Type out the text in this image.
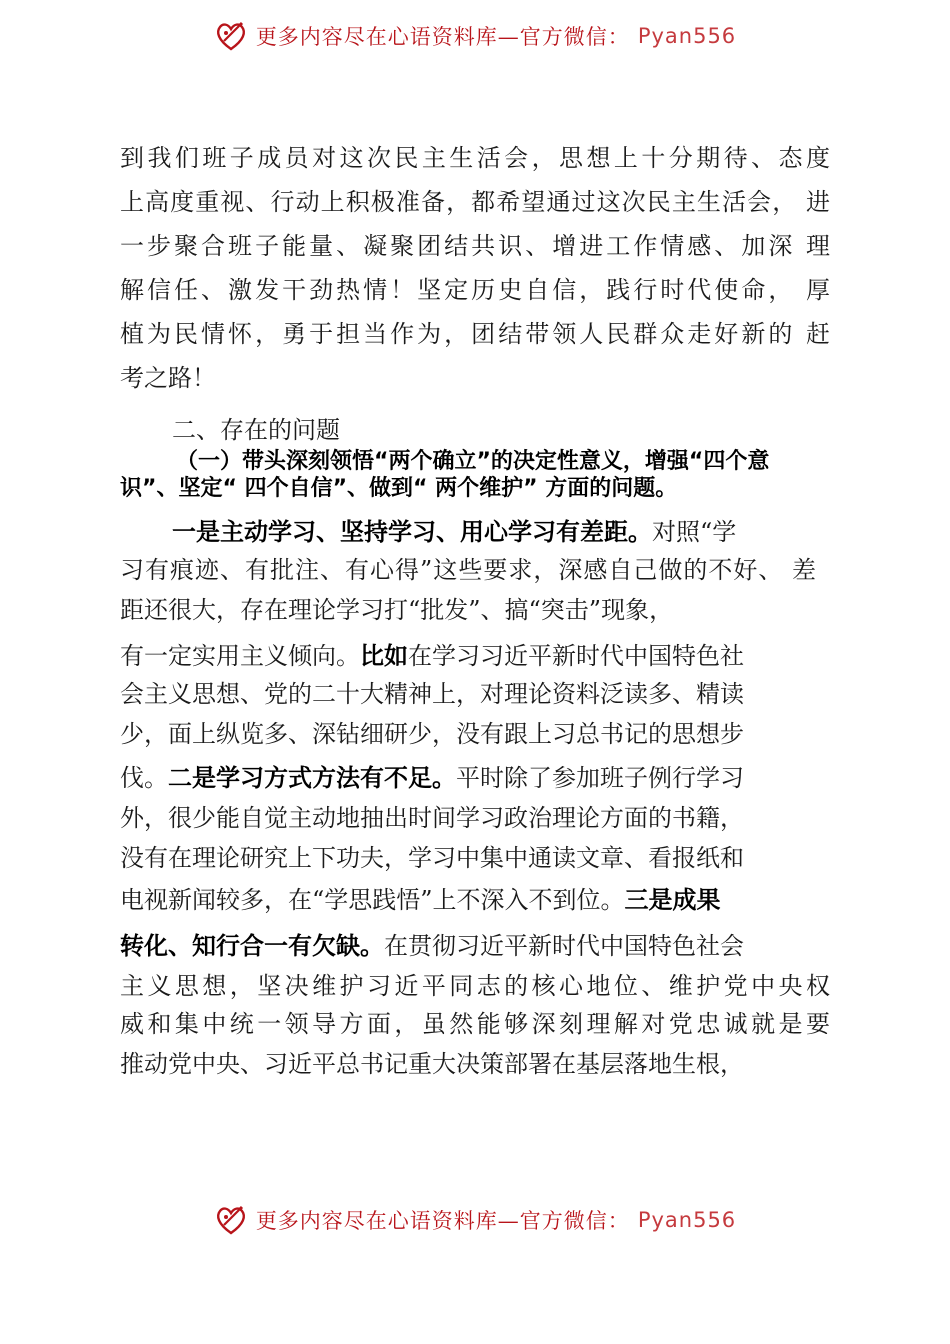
更多内容尽在心语资料库—官方微信： Pyan556
到我们班子成员对这次民主生活会，思想上十分期待、态度
上高度重视、行动上积极准备，都希望通过这次民主生活会， 进
一步聚合班子能量、凝聚团结共识、增进工作情感、加深 理
解信任、激发干劲热情！坚定历史自信，践行时代使命， 厚
植为民情怀，勇于担当作为，团结带领人民群众走好新的 赶
考之路！
二、存在的问题
（一）带头深刻领悟“两个确立”的决定性意义，增强“四个意
识”、坚定“ 四个自信”、做到“ 两个维护” 方面的问题。
一是主动学习、坚持学习、用心学习有差距。对照“学
习有痕迹、有批注、有心得”这些要求，深感自己做的不好、 差
距还很大，存在理论学习打“批发”、搞“突击”现象，
有一定实用主义倾向。比如在学习习近平新时代中国特色社
会主义思想、党的二十大精神上，对理论资料泛读多、精读
少，面上纵览多、深钻细研少，没有跟上习总书记的思想步
伐。二是学习方式方法有不足。平时除了参加班子例行学习
外，很少能自觉主动地抽出时间学习政治理论方面的书籍，
没有在理论研究上下功夫，学习中集中通读文章、看报纸和
电视新闻较多，在“学思践悟”上不深入不到位。三是成果
转化、知行合一有欠缺。在贯彻习近平新时代中国特色社会
主义思想，坚决维护习近平同志的核心地位、维护党中央权
威和集中统一领导方面，虽然能够深刻理解对党忠诚就是要
推动党中央、习近平总书记重大决策部署在基层落地生根，
更多内容尽在心语资料库—官方微信： Pyan556
